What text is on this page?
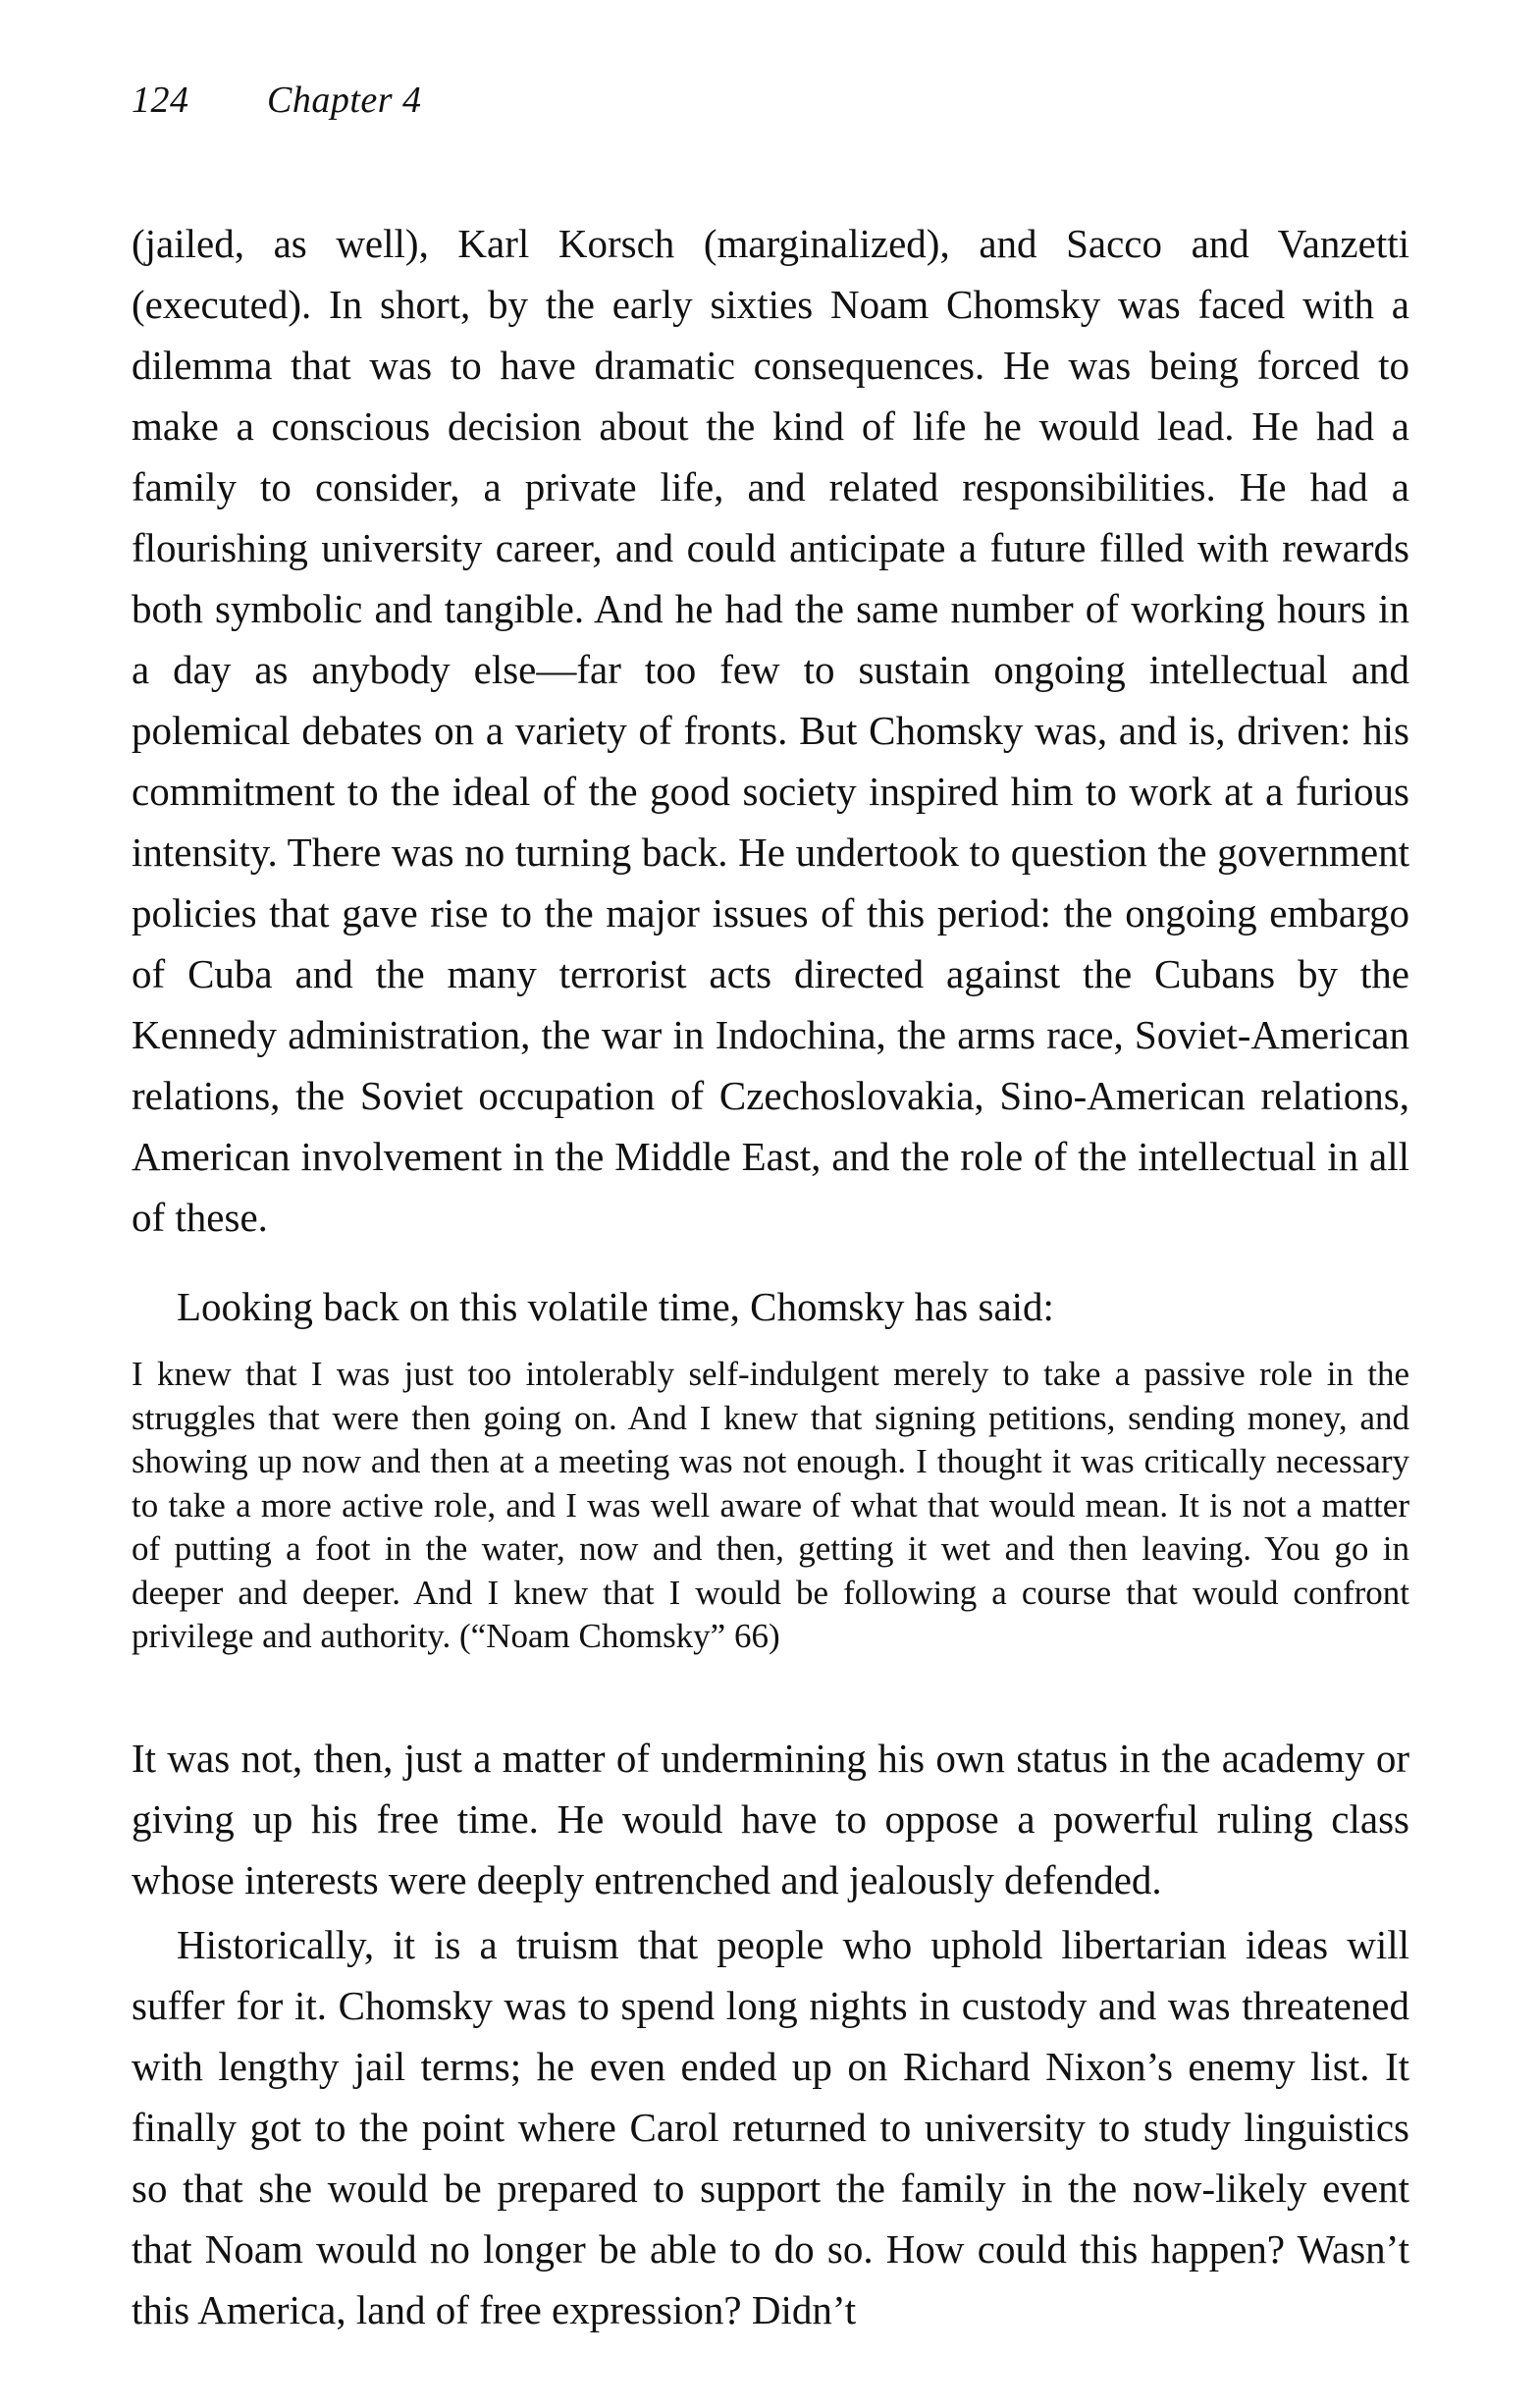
124 Chapter 4

(jailed, as well), Karl Korsch (marginalized), and Sacco and Vanzetti (executed). In short, by the early sixties Noam Chomsky was faced with a dilemma that was to have dramatic consequences. He was being forced to make a conscious decision about the kind of life he would lead. He had a family to consider, a private life, and related responsibilities. He had a flourishing university career, and could anticipate a future filled with rewards both symbolic and tangible. And he had the same number of working hours in a day as anybody else—far too few to sustain ongoing intellectual and polemical debates on a variety of fronts. But Chomsky was, and is, driven: his commitment to the ideal of the good society inspired him to work at a furious intensity. There was no turning back. He undertook to question the government policies that gave rise to the major issues of this period: the ongoing embargo of Cuba and the many terrorist acts directed against the Cubans by the Kennedy administration, the war in Indochina, the arms race, Soviet-American relations, the Soviet occupation of Czechoslovakia, Sino-American relations, American involvement in the Middle East, and the role of the intellectual in all of these.

Looking back on this volatile time, Chomsky has said:

I knew that I was just too intolerably self-indulgent merely to take a passive role in the struggles that were then going on. And I knew that signing petitions, sending money, and showing up now and then at a meeting was not enough. I thought it was critically necessary to take a more active role, and I was well aware of what that would mean. It is not a matter of putting a foot in the water, now and then, getting it wet and then leaving. You go in deeper and deeper. And I knew that I would be following a course that would confront privilege and authority. (“Noam Chomsky” 66)

It was not, then, just a matter of undermining his own status in the academy or giving up his free time. He would have to oppose a powerful ruling class whose interests were deeply entrenched and jealously defended.

Historically, it is a truism that people who uphold libertarian ideas will suffer for it. Chomsky was to spend long nights in custody and was threatened with lengthy jail terms; he even ended up on Richard Nixon’s enemy list. It finally got to the point where Carol returned to university to study linguistics so that she would be prepared to support the family in the now-likely event that Noam would no longer be able to do so. How could this happen? Wasn’t this America, land of free expression? Didn’t
